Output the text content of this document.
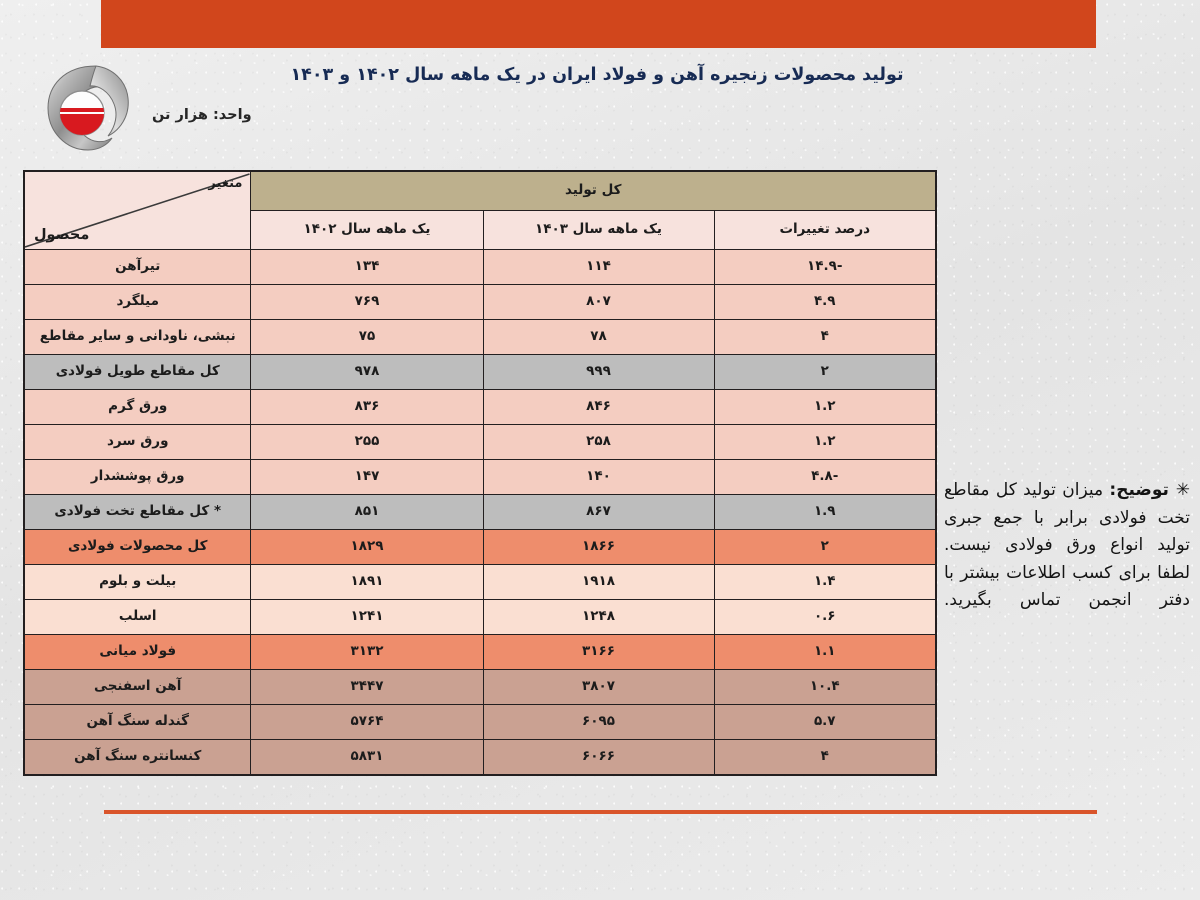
واحد: هزار تن
تولید محصولات زنجیره آهن و فولاد ایران در یک ماهه سال ۱۴۰۲ و ۱۴۰۳
کل تولید			متغیر
محصول

درصد تغییرات	یک ماهه سال ۱۴۰۳	یک ماهه سال ۱۴۰۲	
-۱۴.۹	۱۱۴	۱۳۴	تیرآهن
۴.۹	۸۰۷	۷۶۹	میلگرد
۴	۷۸	۷۵	نبشی، ناودانی و سایر مقاطع
۲	۹۹۹	۹۷۸	کل مقاطع طویل فولادی
۱.۲	۸۴۶	۸۳۶	ورق گرم
۱.۲	۲۵۸	۲۵۵	ورق سرد
-۴.۸	۱۴۰	۱۴۷	ورق پوششدار
۱.۹	۸۶۷	۸۵۱	* کل مقاطع تخت فولادی
۲	۱۸۶۶	۱۸۲۹	کل محصولات فولادی
۱.۴	۱۹۱۸	۱۸۹۱	بیلت و بلوم
۰.۶	۱۲۴۸	۱۲۴۱	اسلب
۱.۱	۳۱۶۶	۳۱۳۲	فولاد میانی
۱۰.۴	۳۸۰۷	۳۴۴۷	آهن اسفنجی
۵.۷	۶۰۹۵	۵۷۶۴	گندله سنگ آهن
۴	۶۰۶۶	۵۸۳۱	کنسانتره سنگ آهن
✳ توضیح: میزان تولید کل مقاطع تخت فولادی برابر با جمع جبری تولید انواع ورق فولادی نیست. لطفا برای کسب اطلاعات بیشتر با دفتر انجمن تماس بگیرید.
